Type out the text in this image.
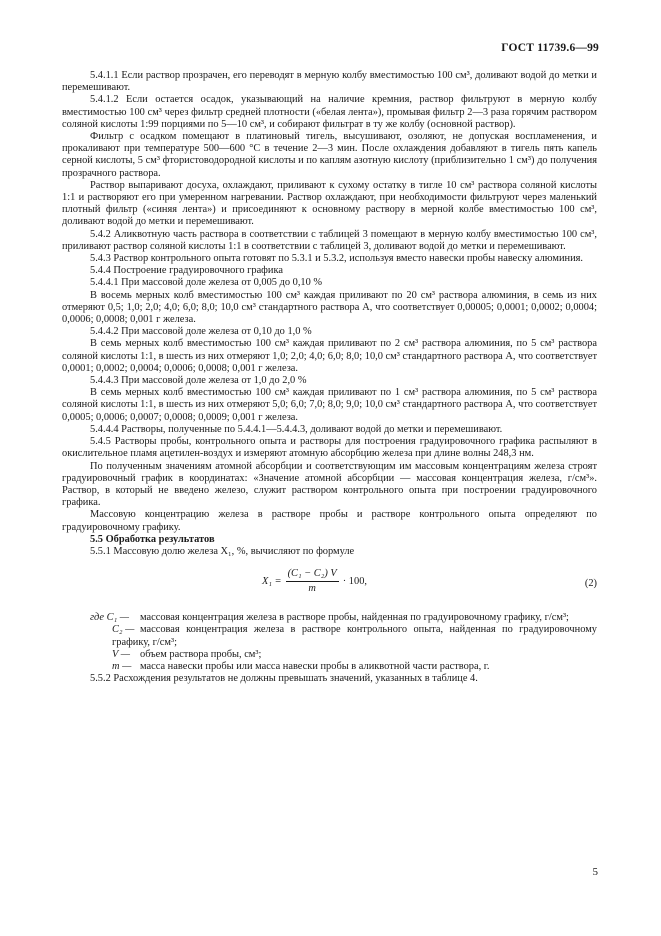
ГОСТ 11739.6—99

5.4.1.1 Если раствор прозрачен, его переводят в мерную колбу вместимостью 100 см³, доливают водой до метки и перемешивают.

5.4.1.2 Если остается осадок, указывающий на наличие кремния, раствор фильтруют в мерную колбу вместимостью 100 см³ через фильтр средней плотности («белая лента»), промывая фильтр 2—3 раза горячим раствором соляной кислоты 1:99 порциями по 5—10 см³, и собирают фильтрат в ту же колбу (основной раствор).

Фильтр с осадком помещают в платиновый тигель, высушивают, озоляют, не допуская воспламенения, и прокаливают при температуре 500—600 °С в течение 2—3 мин. После охлаждения добавляют в тигель пять капель серной кислоты, 5 см³ фтористоводородной кислоты и по каплям азотную кислоту (приблизительно 1 см³) до получения прозрачного раствора.

Раствор выпаривают досуха, охлаждают, приливают к сухому остатку в тигле 10 см³ раствора соляной кислоты 1:1 и растворяют его при умеренном нагревании. Раствор охлаждают, при необходимости фильтруют через маленький плотный фильтр («синяя лента») и присоединяют к основному раствору в мерной колбе вместимостью 100 см³, доливают водой до метки и перемешивают.

5.4.2 Аликвотную часть раствора в соответствии с таблицей 3 помещают в мерную колбу вместимостью 100 см³, приливают раствор соляной кислоты 1:1 в соответствии с таблицей 3, доливают водой до метки и перемешивают.

5.4.3 Раствор контрольного опыта готовят по 5.3.1 и 5.3.2, используя вместо навески пробы навеску алюминия.

5.4.4 Построение градуировочного графика

5.4.4.1 При массовой доле железа от 0,005 до 0,10 %

В восемь мерных колб вместимостью 100 см³ каждая приливают по 20 см³ раствора алюминия, в семь из них отмеряют 0,5; 1,0; 2,0; 4,0; 6,0; 8,0; 10,0 см³ стандартного раствора А, что соответствует 0,00005; 0,0001; 0,0002; 0,0004; 0,0006; 0,0008; 0,001 г железа.

5.4.4.2 При массовой доле железа от 0,10 до 1,0 %

В семь мерных колб вместимостью 100 см³ каждая приливают по 2 см³ раствора алюминия, по 5 см³ раствора соляной кислоты 1:1, в шесть из них отмеряют 1,0; 2,0; 4,0; 6,0; 8,0; 10,0 см³ стандартного раствора А, что соответствует 0,0001; 0,0002; 0,0004; 0,0006; 0,0008; 0,001 г железа.

5.4.4.3 При массовой доле железа от 1,0 до 2,0 %

В семь мерных колб вместимостью 100 см³ каждая приливают по 1 см³ раствора алюминия, по 5 см³ раствора соляной кислоты 1:1, в шесть из них отмеряют 5,0; 6,0; 7,0; 8,0; 9,0; 10,0 см³ стандартного раствора А, что соответствует 0,0005; 0,0006; 0,0007; 0,0008; 0,0009; 0,001 г железа.

5.4.4.4 Растворы, полученные по 5.4.4.1—5.4.4.3, доливают водой до метки и перемешивают.

5.4.5 Растворы пробы, контрольного опыта и растворы для построения градуировочного графика распыляют в окислительное пламя ацетилен-воздух и измеряют атомную абсорбцию железа при длине волны 248,3 нм.

По полученным значениям атомной абсорбции и соответствующим им массовым концентрациям железа строят градуировочный график в координатах: «Значение атомной абсорбции — массовая концентрация железа, г/см³». Раствор, в который не введено железо, служит раствором контрольного опыта при построении градуировочного графика.

Массовую концентрацию железа в растворе пробы и растворе контрольного опыта определяют по градуировочному графику.

5.5 Обработка результатов

5.5.1 Массовую долю железа X₁, %, вычисляют по формуле

$X_1 = \frac{\text{(C₁ − C₂) V}}{m} \cdot 100$,	(2)

где C₁ — массовая концентрация железа в растворе пробы, найденная по градуировочному графику, г/см³;

C₂ — массовая концентрация железа в растворе контрольного опыта, найденная по градуировочному графику, г/см³;

V — объем раствора пробы, см³;

m — масса навески пробы или масса навески пробы в аликвотной части раствора, г.

5.5.2 Расхождения результатов не должны превышать значений, указанных в таблице 4.

5
